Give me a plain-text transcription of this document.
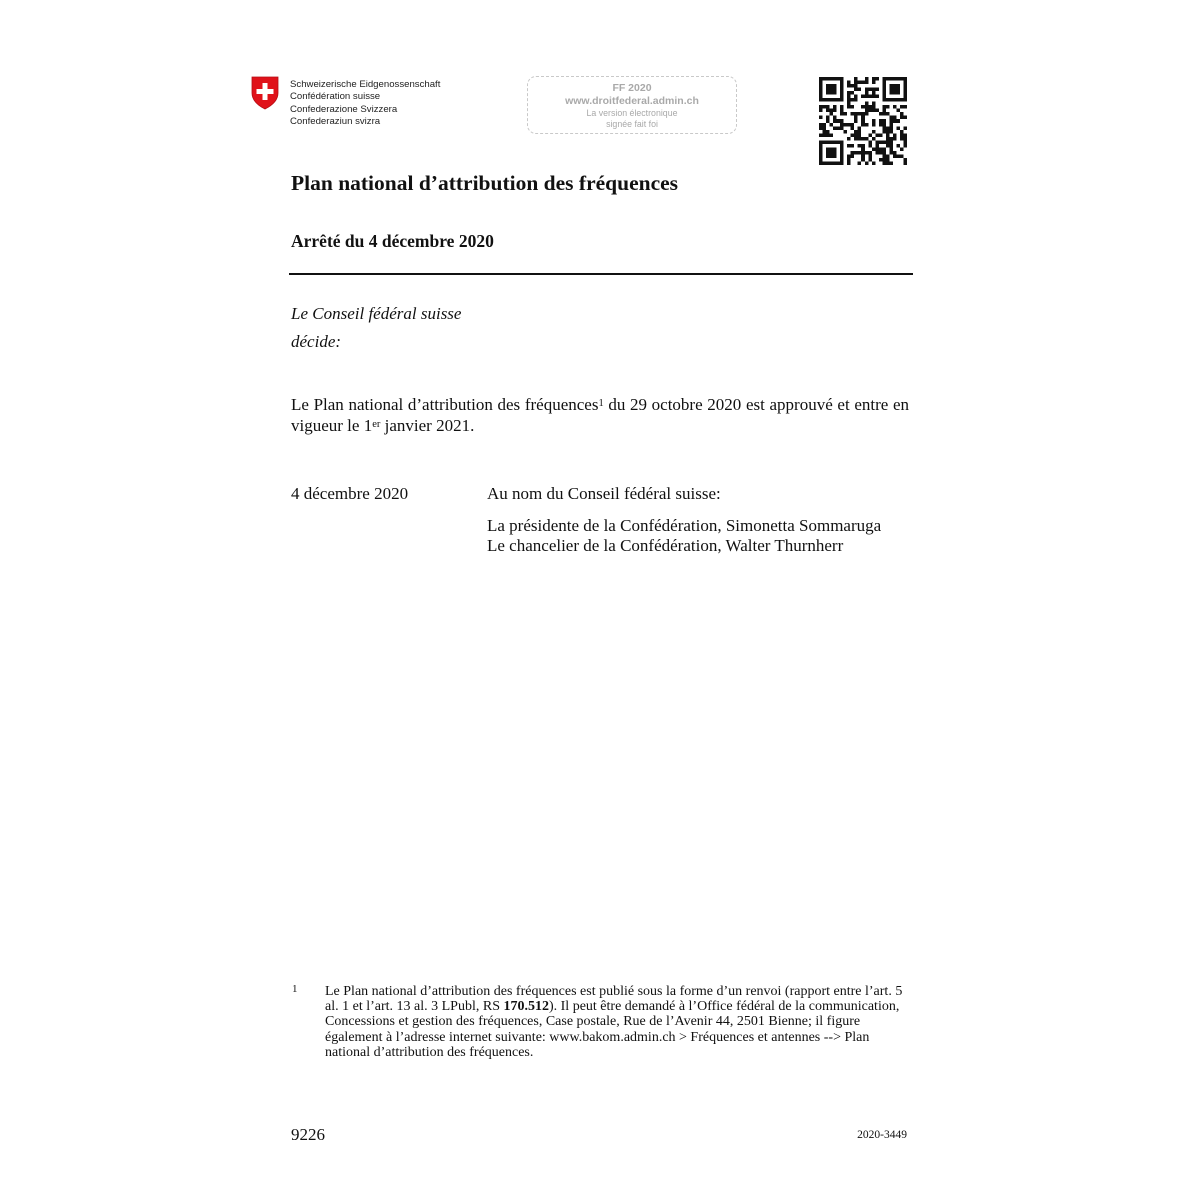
Schweizerische Eidgenossenschaft
Confédération suisse
Confederazione Svizzera
Confederaziun svizra
FF 2020
www.droitfederal.admin.ch
La version électronique
signée fait foi
Plan national d’attribution des fréquences
Arrêté du 4 décembre 2020
Le Conseil fédéral suisse
décide:
Le Plan national d’attribution des fréquences$^1$ du 29 octobre 2020 est approuvé et entre en vigueur le 1er janvier 2021.
4 décembre 2020	Au nom du Conseil fédéral suisse:
La présidente de la Confédération, Simonetta Sommaruga
Le chancelier de la Confédération, Walter Thurnherr
1 Le Plan national d’attribution des fréquences est publié sous la forme d’un renvoi (rapport entre l’art. 5 al. 1 et l’art. 13 al. 3 LPubl, RS 170.512). Il peut être demandé à l’Office fédéral de la communication, Concessions et gestion des fréquences, Case postale, Rue de l’Avenir 44, 2501 Bienne; il figure également à l’adresse internet suivante: www.bakom.admin.ch > Fréquences et antennes --> Plan national d’attribution des fréquences.
9226	2020-3449
